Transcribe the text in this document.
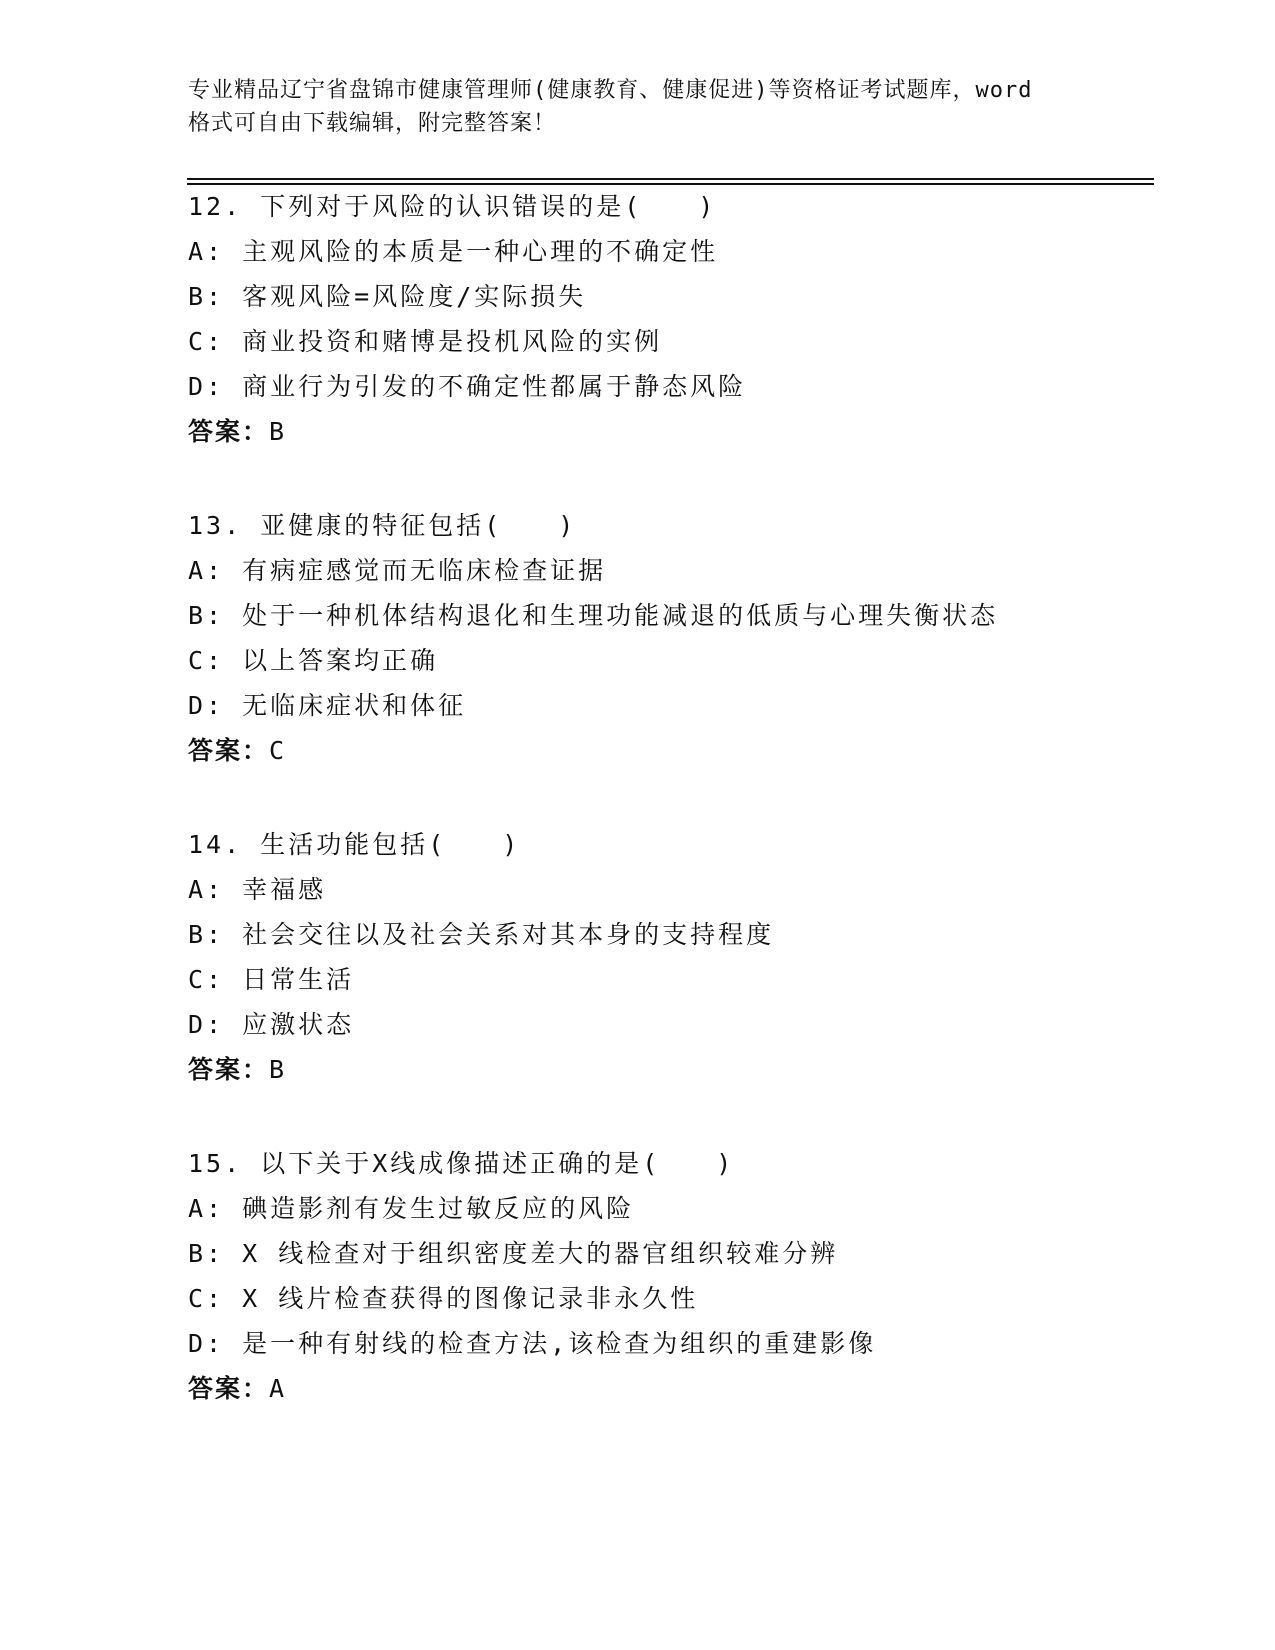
专业精品辽宁省盘锦市健康管理师(健康教育、健康促进)等资格证考试题库，word
格式可自由下载编辑，附完整答案！
12. 下列对于风险的认识错误的是(　　)
A: 主观风险的本质是一种心理的不确定性
B: 客观风险=风险度/实际损失
C: 商业投资和赌博是投机风险的实例
D: 商业行为引发的不确定性都属于静态风险
答案：B
13. 亚健康的特征包括(　　)
A: 有病症感觉而无临床检查证据
B: 处于一种机体结构退化和生理功能减退的低质与心理失衡状态
C: 以上答案均正确
D: 无临床症状和体征
答案：C
14. 生活功能包括(　　)
A: 幸福感
B: 社会交往以及社会关系对其本身的支持程度
C: 日常生活
D: 应激状态
答案：B
15. 以下关于X线成像描述正确的是(　　)
A: 碘造影剂有发生过敏反应的风险
B: X 线检查对于组织密度差大的器官组织较难分辨
C: X 线片检查获得的图像记录非永久性
D: 是一种有射线的检查方法,该检查为组织的重建影像
答案：A
